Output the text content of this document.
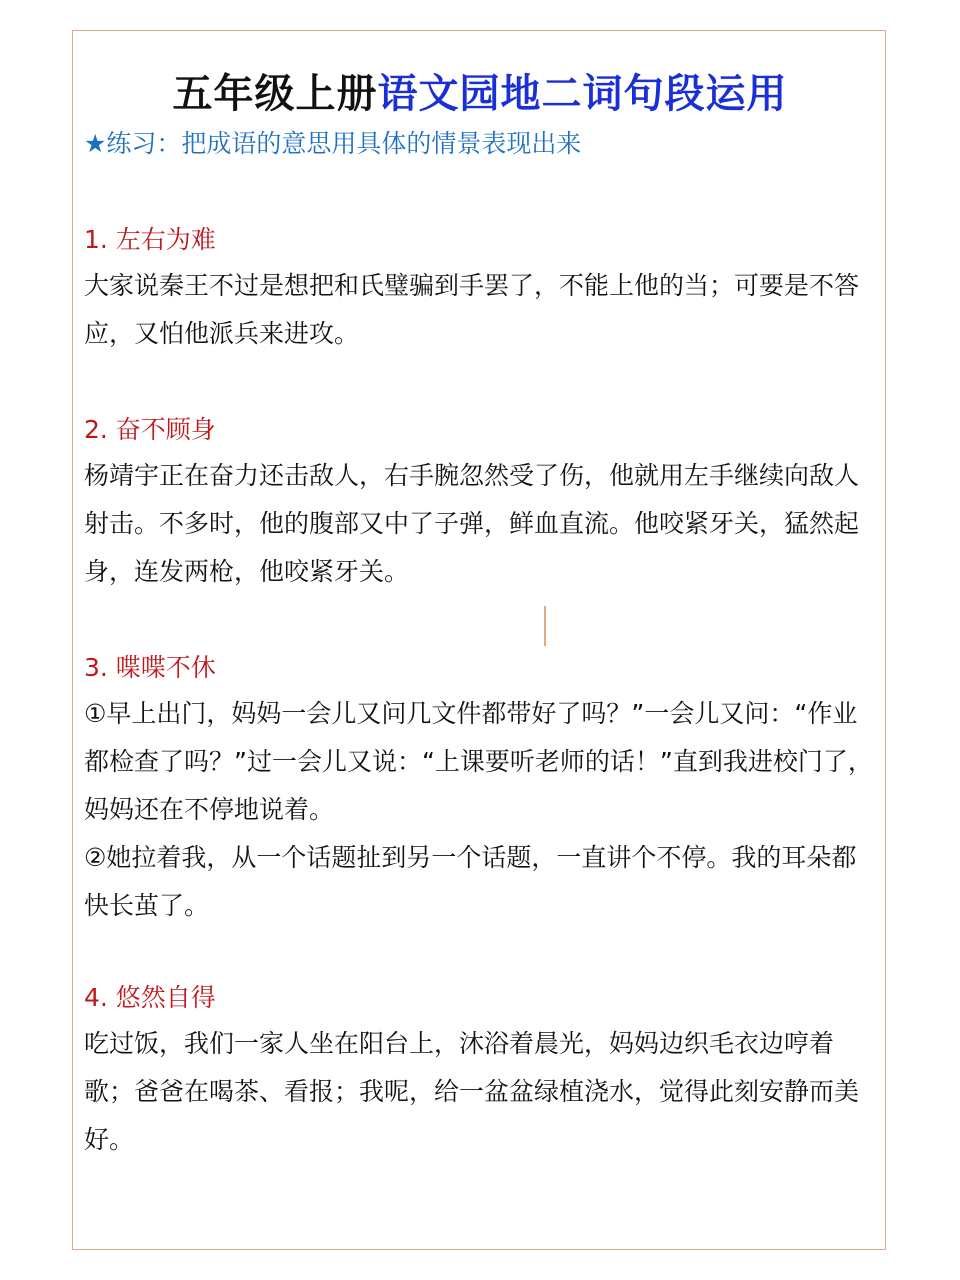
五年级上册语文园地二词句段运用
★练习：把成语的意思用具体的情景表现出来
1. 左右为难
大家说秦王不过是想把和氏璧骗到手罢了，不能上他的当；可要是不答应，又怕他派兵来进攻。
2. 奋不顾身
杨靖宇正在奋力还击敌人，右手腕忽然受了伤，他就用左手继续向敌人射击。不多时，他的腹部又中了子弹，鲜血直流。他咬紧牙关，猛然起身，连发两枪，他咬紧牙关。
3. 喋喋不休
①早上出门，妈妈一会儿又问几文件都带好了吗？”一会儿又问：“作业都检查了吗？”过一会儿又说：“上课要听老师的话！”直到我进校门了，妈妈还在不停地说着。
②她拉着我，从一个话题扯到另一个话题，一直讲个不停。我的耳朵都快长茧了。
4. 悠然自得
吃过饭，我们一家人坐在阳台上，沐浴着晨光，妈妈边织毛衣边哼着歌；爸爸在喝茶、看报；我呢，给一盆盆绿植浇水，觉得此刻安静而美好。
